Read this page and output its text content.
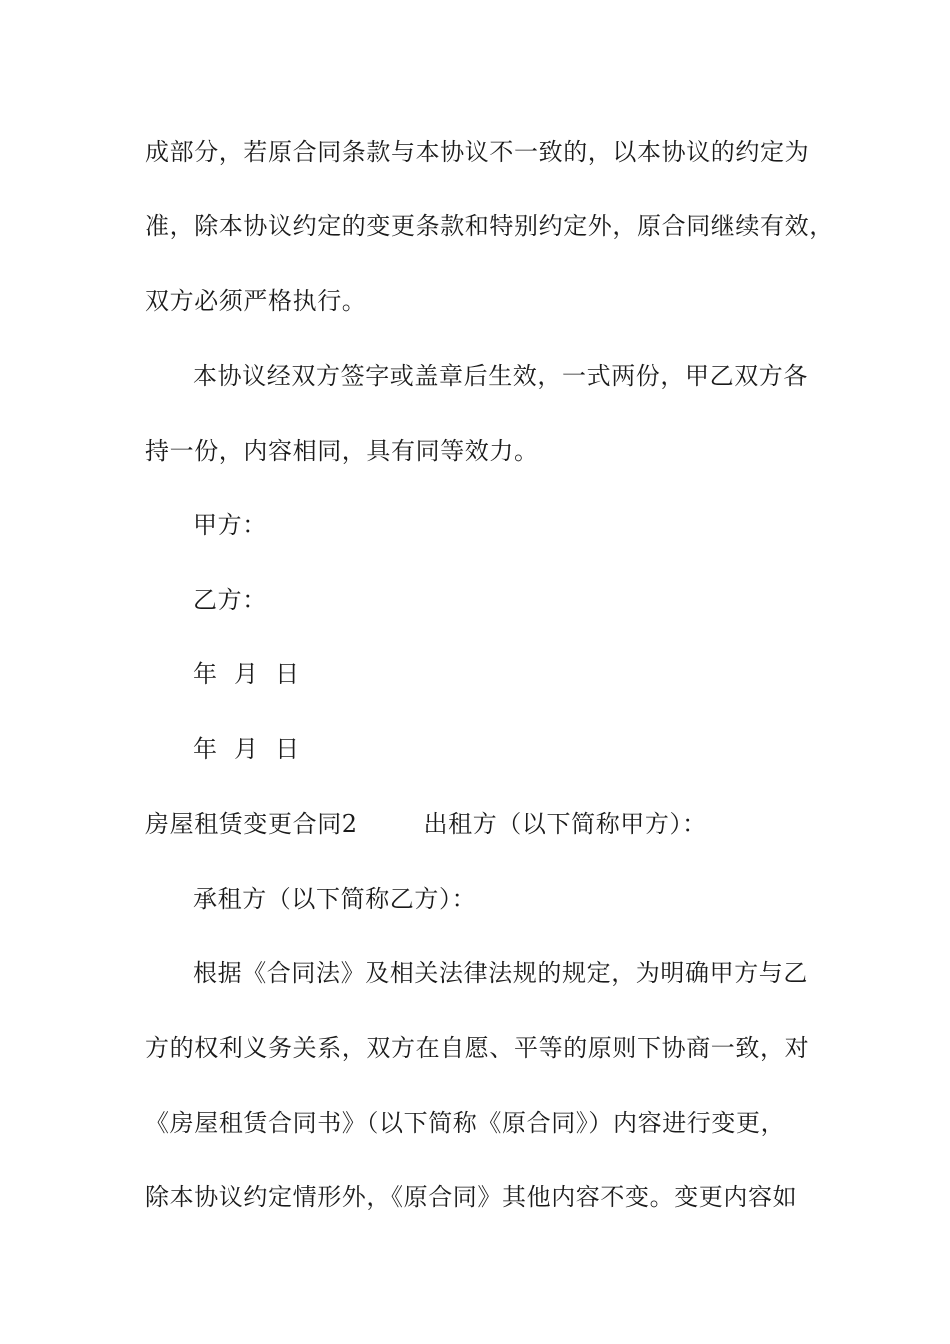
成部分，若原合同条款与本协议不一致的，以本协议的约定为
准，除本协议约定的变更条款和特别约定外，原合同继续有效，
双方必须严格执行。
本协议经双方签字或盖章后生效，一式两份，甲乙双方各
持一份，内容相同，具有同等效力。
甲方：
乙方：
年  月  日
年  月  日
房屋租赁变更合同2        出租方（以下简称甲方）：
承租方（以下简称乙方）：
根据《合同法》及相关法律法规的规定，为明确甲方与乙
方的权利义务关系，双方在自愿、平等的原则下协商一致，对
《房屋租赁合同书》（以下简称《原合同》）内容进行变更，
除本协议约定情形外，《原合同》其他内容不变。变更内容如
